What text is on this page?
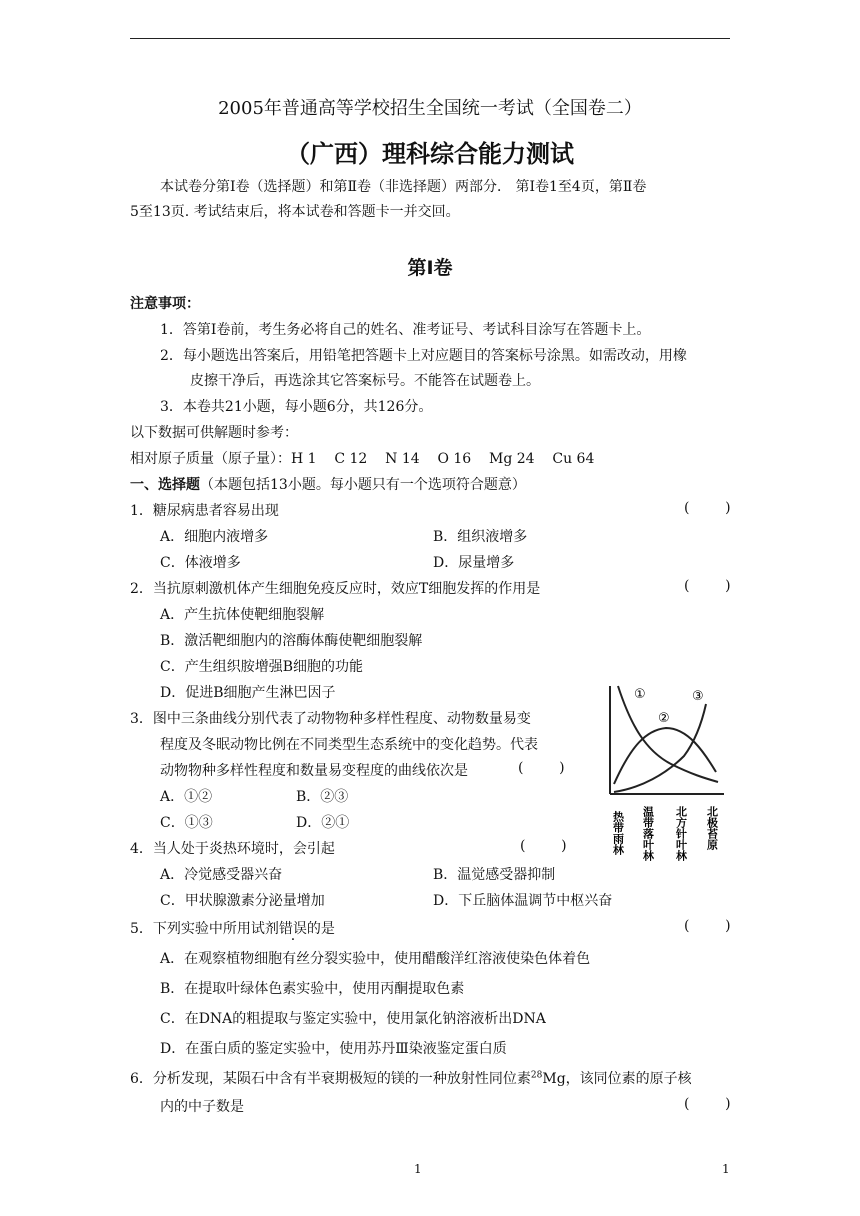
2005年普通高等学校招生全国统一考试（全国卷二）
（广西）理科综合能力测试
本试卷分第Ⅰ卷（选择题）和第Ⅱ卷（非选择题）两部分． 第Ⅰ卷1至4页，第Ⅱ卷
5至13页. 考试结束后，将本试卷和答题卡一并交回。
第Ⅰ卷
注意事项：
1．答第Ⅰ卷前，考生务必将自己的姓名、准考证号、考试科目涂写在答题卡上。
2．每小题选出答案后，用铅笔把答题卡上对应题目的答案标号涂黑。如需改动，用橡
皮擦干净后，再选涂其它答案标号。不能答在试题卷上。
3．本卷共21小题，每小题6分，共126分。
以下数据可供解题时参考：
相对原子质量（原子量）：H 1    C 12    N 14    O 16    Mg 24    Cu 64
一、选择题（本题包括13小题。每小题只有一个选项符合题意）
1．糖尿病患者容易出现	(        )
A．细胞内液增多	B．组织液增多
C．体液增多	D．尿量增多
2．当抗原刺激机体产生细胞免疫反应时，效应T细胞发挥的作用是	(        )
A．产生抗体使靶细胞裂解
B．激活靶细胞内的溶酶体酶使靶细胞裂解
C．产生组织胺增强B细胞的功能
D．促进B细胞产生淋巴因子
3．图中三条曲线分别代表了动物物种多样性程度、动物数量易变
程度及冬眠动物比例在不同类型生态系统中的变化趋势。代表
动物物种多样性程度和数量易变程度的曲线依次是	(        )
A．①②	B．②③
C．①③	D．②①
①
②
③
热带雨林 温带落叶林 北方针叶林 北极苔原
4．当人处于炎热环境时，会引起	(        )
A．冷觉感受器兴奋	B．温觉感受器抑制
C．甲状腺激素分泌量增加	D．下丘脑体温调节中枢兴奋
5．下列实验中所用试剂错误的是	(        )
A．在观察植物细胞有丝分裂实验中，使用醋酸洋红溶液使染色体着色
B．在提取叶绿体色素实验中，使用丙酮提取色素
C．在DNA的粗提取与鉴定实验中，使用氯化钠溶液析出DNA
D．在蛋白质的鉴定实验中，使用苏丹Ⅲ染液鉴定蛋白质
6．分析发现，某陨石中含有半衰期极短的镁的一种放射性同位素$^{28}$Mg，该同位素的原子核
内的中子数是	(        )
1	1
